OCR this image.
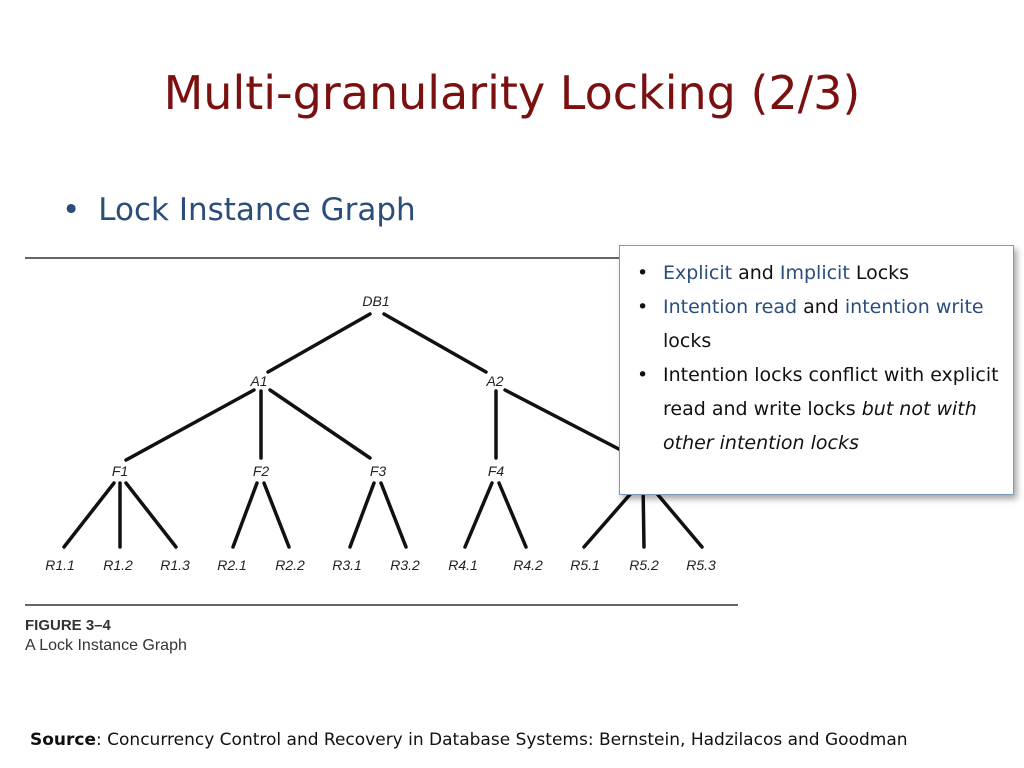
Multi-granularity Locking (2/3)
• Lock Instance Graph
DB1
A1	A2
F1	F2	F3	F4
R1.1 R1.2 R1.3 R2.1 R2.2 R3.1 R3.2 R4.1	R4.2 R5.1 R5.2 R5.3
FIGURE 3–4
A Lock Instance Graph
• Explicit and Implicit Locks
• Intention read and intention write locks
• Intention locks conflict with explicit read and write locks but not with other intention locks
Source: Concurrency Control and Recovery in Database Systems: Bernstein, Hadzilacos and Goodman
